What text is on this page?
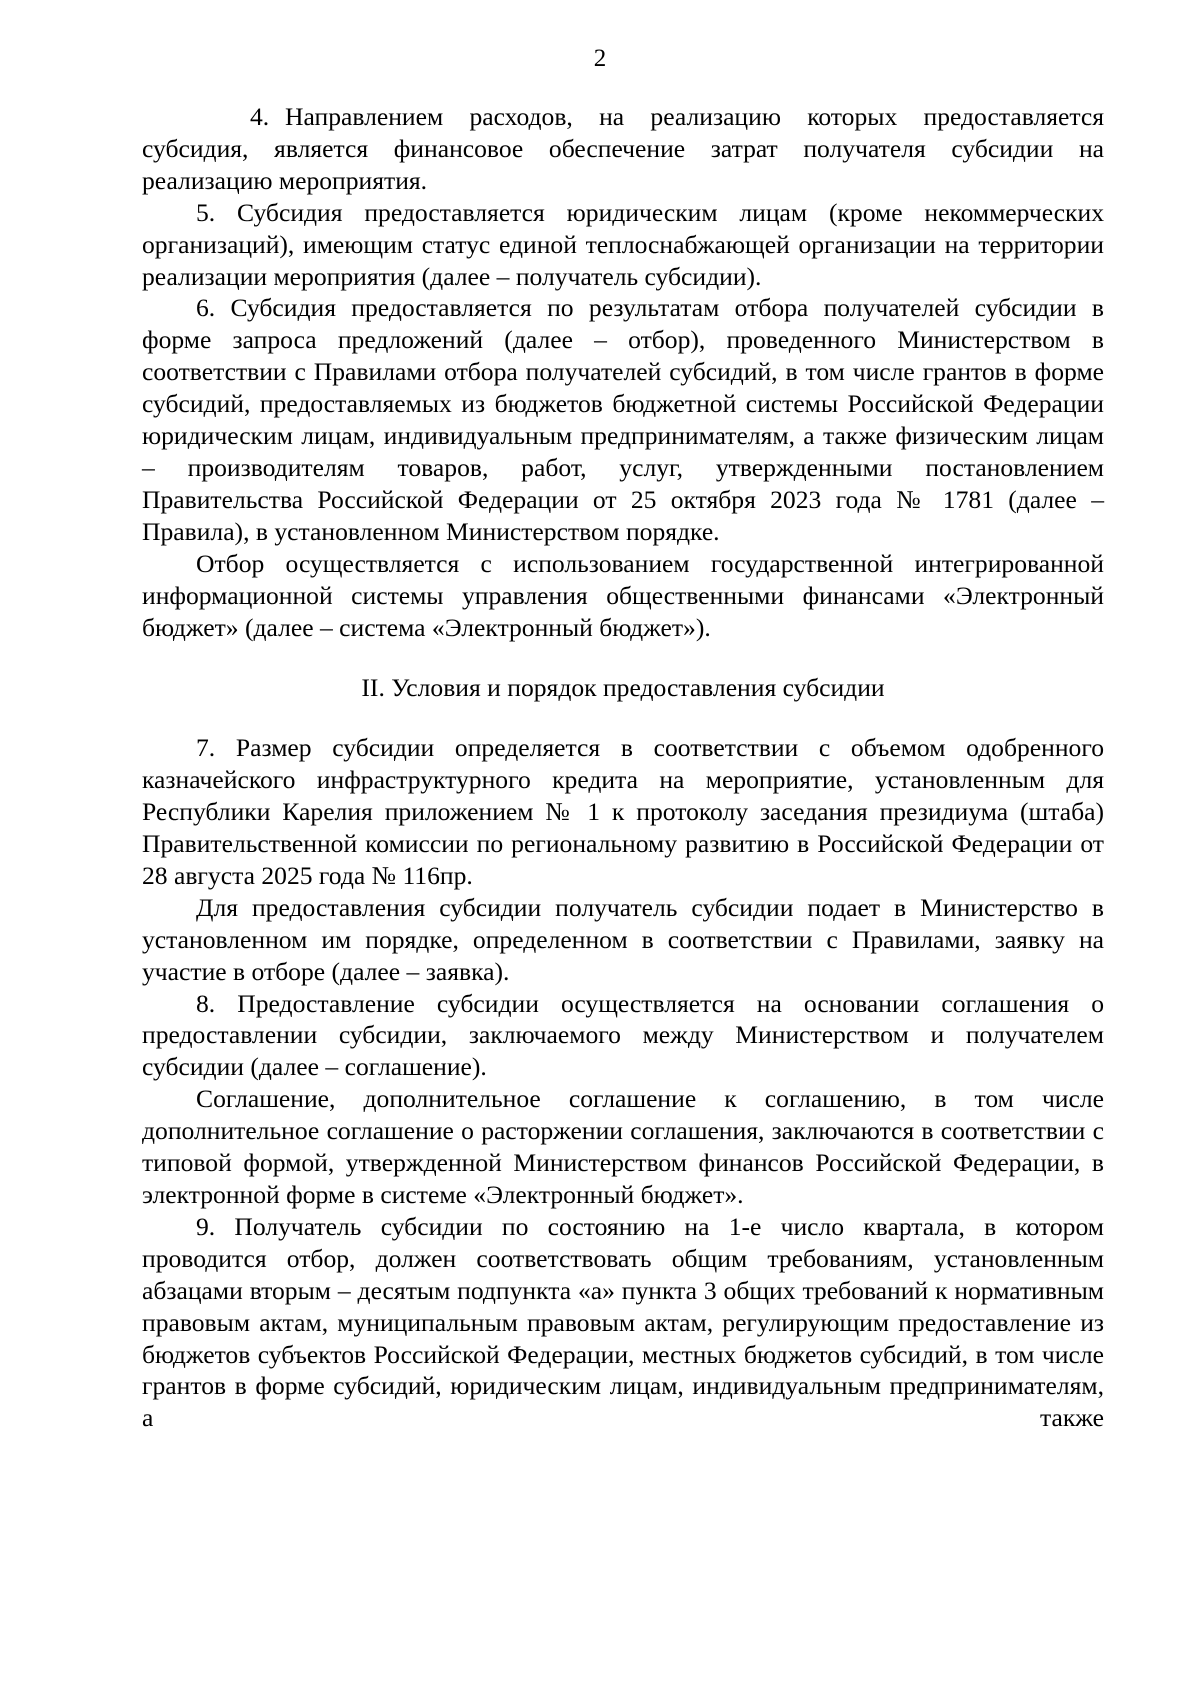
2

4. Направлением расходов, на реализацию которых предоставляется субсидия, является финансовое обеспечение затрат получателя субсидии на реализацию мероприятия.

5. Субсидия предоставляется юридическим лицам (кроме некоммерческих организаций), имеющим статус единой теплоснабжающей организации на территории реализации мероприятия (далее – получатель субсидии).

6. Субсидия предоставляется по результатам отбора получателей субсидии в форме запроса предложений (далее – отбор), проведенного Министерством в соответствии с Правилами отбора получателей субсидий, в том числе грантов в форме субсидий, предоставляемых из бюджетов бюджетной системы Российской Федерации юридическим лицам, индивидуальным предпринимателям, а также физическим лицам – производителям товаров, работ, услуг, утвержденными постановлением Правительства Российской Федерации от 25 октября 2023 года № 1781 (далее – Правила), в установленном Министерством порядке.

Отбор осуществляется с использованием государственной интегрированной информационной системы управления общественными финансами «Электронный бюджет» (далее – система «Электронный бюджет»).

II. Условия и порядок предоставления субсидии

7. Размер субсидии определяется в соответствии с объемом одобренного казначейского инфраструктурного кредита на мероприятие, установленным для Республики Карелия приложением № 1 к протоколу заседания президиума (штаба) Правительственной комиссии по региональному развитию в Российской Федерации от 28 августа 2025 года № 116пр.

Для предоставления субсидии получатель субсидии подает в Министерство в установленном им порядке, определенном в соответствии с Правилами, заявку на участие в отборе (далее – заявка).

8. Предоставление субсидии осуществляется на основании соглашения о предоставлении субсидии, заключаемого между Министерством и получателем субсидии (далее – соглашение).

Соглашение, дополнительное соглашение к соглашению, в том числе дополнительное соглашение о расторжении соглашения, заключаются в соответствии с типовой формой, утвержденной Министерством финансов Российской Федерации, в электронной форме в системе «Электронный бюджет».

9. Получатель субсидии по состоянию на 1-е число квартала, в котором проводится отбор, должен соответствовать общим требованиям, установленным абзацами вторым – десятым подпункта «а» пункта 3 общих требований к нормативным правовым актам, муниципальным правовым актам, регулирующим предоставление из бюджетов субъектов Российской Федерации, местных бюджетов субсидий, в том числе грантов в форме субсидий, юридическим лицам, индивидуальным предпринимателям, а также
